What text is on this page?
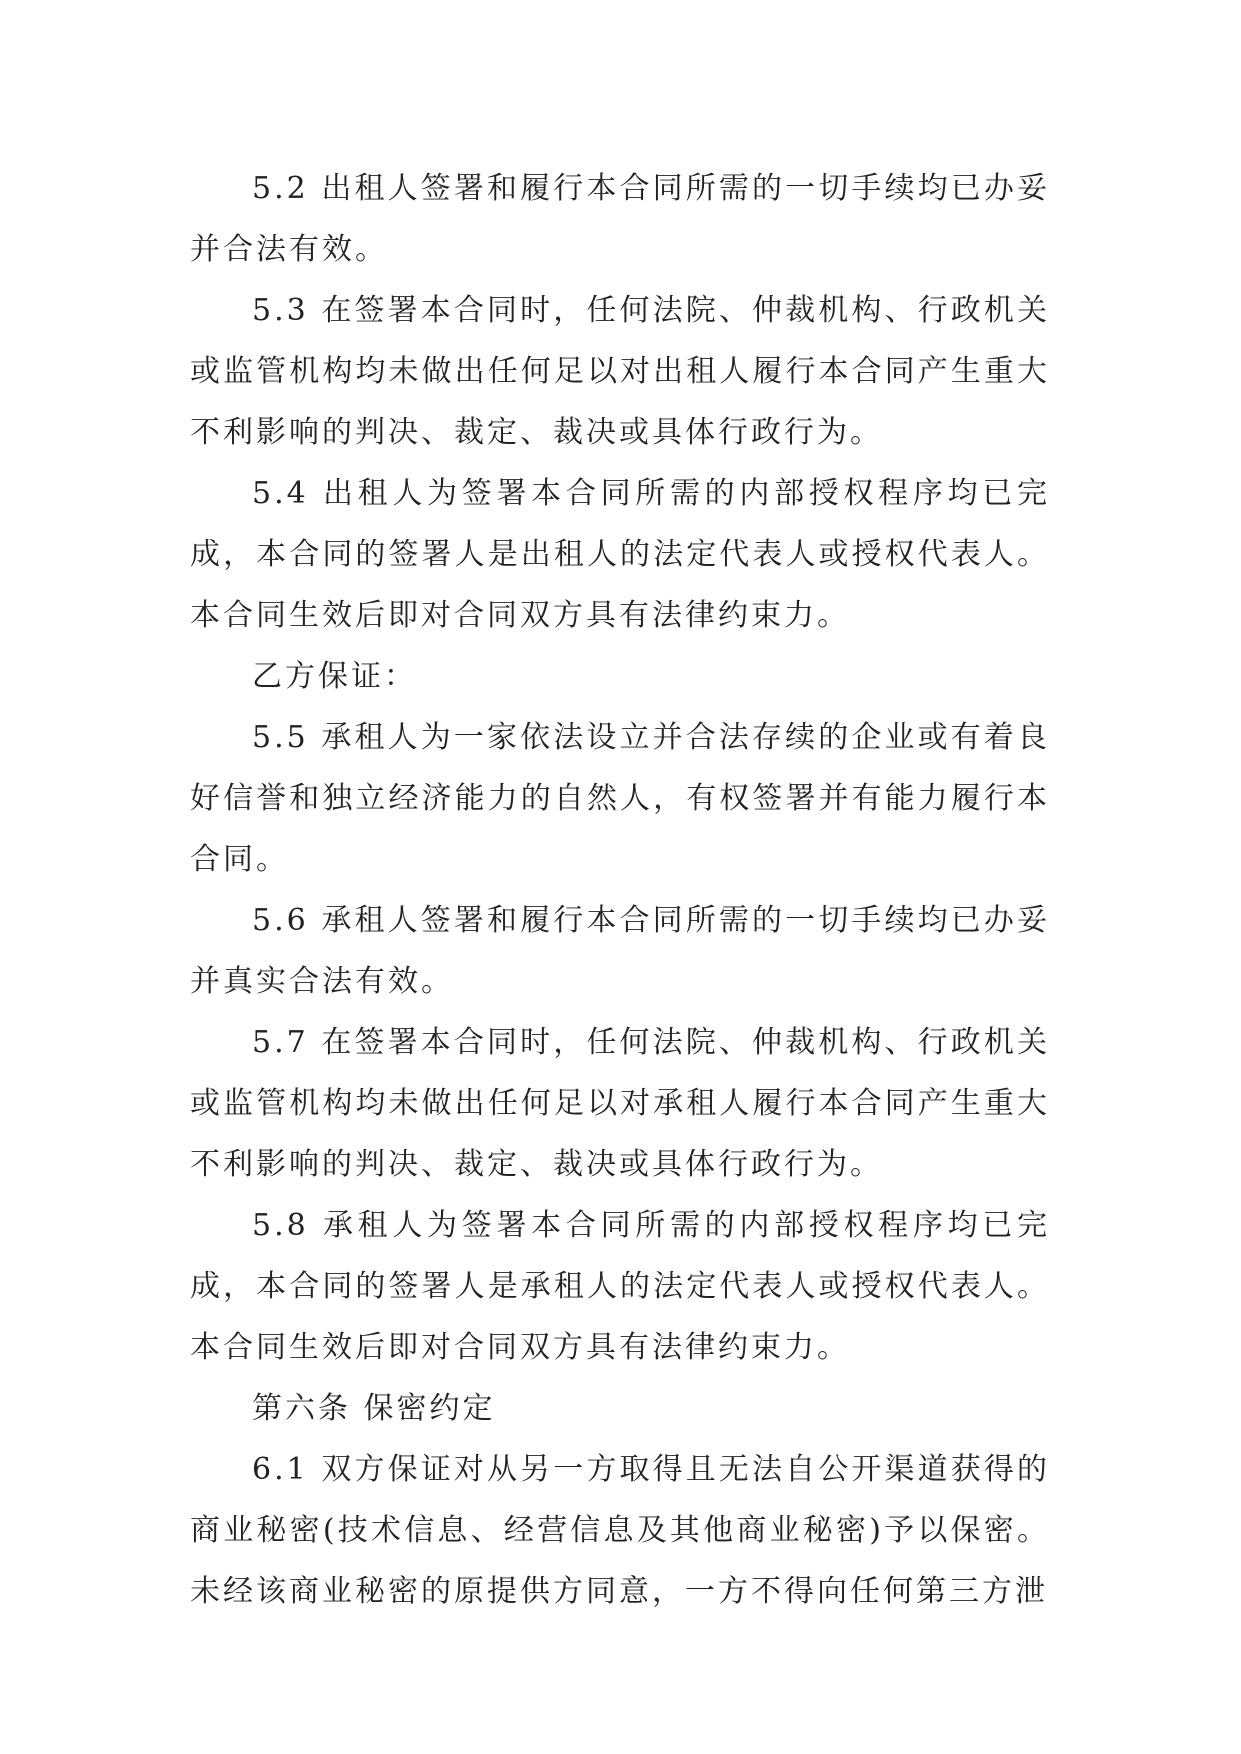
5.2 出租人签署和履行本合同所需的一切手续均已办妥并合法有效。

5.3 在签署本合同时，任何法院、仲裁机构、行政机关或监管机构均未做出任何足以对出租人履行本合同产生重大不利影响的判决、裁定、裁决或具体行政行为。

5.4 出租人为签署本合同所需的内部授权程序均已完成，本合同的签署人是出租人的法定代表人或授权代表人。本合同生效后即对合同双方具有法律约束力。

乙方保证：

5.5 承租人为一家依法设立并合法存续的企业或有着良好信誉和独立经济能力的自然人，有权签署并有能力履行本合同。

5.6 承租人签署和履行本合同所需的一切手续均已办妥并真实合法有效。

5.7 在签署本合同时，任何法院、仲裁机构、行政机关或监管机构均未做出任何足以对承租人履行本合同产生重大不利影响的判决、裁定、裁决或具体行政行为。

5.8 承租人为签署本合同所需的内部授权程序均已完成，本合同的签署人是承租人的法定代表人或授权代表人。本合同生效后即对合同双方具有法律约束力。

第六条 保密约定

6.1 双方保证对从另一方取得且无法自公开渠道获得的商业秘密(技术信息、经营信息及其他商业秘密)予以保密。未经该商业秘密的原提供方同意，一方不得向任何第三方泄
